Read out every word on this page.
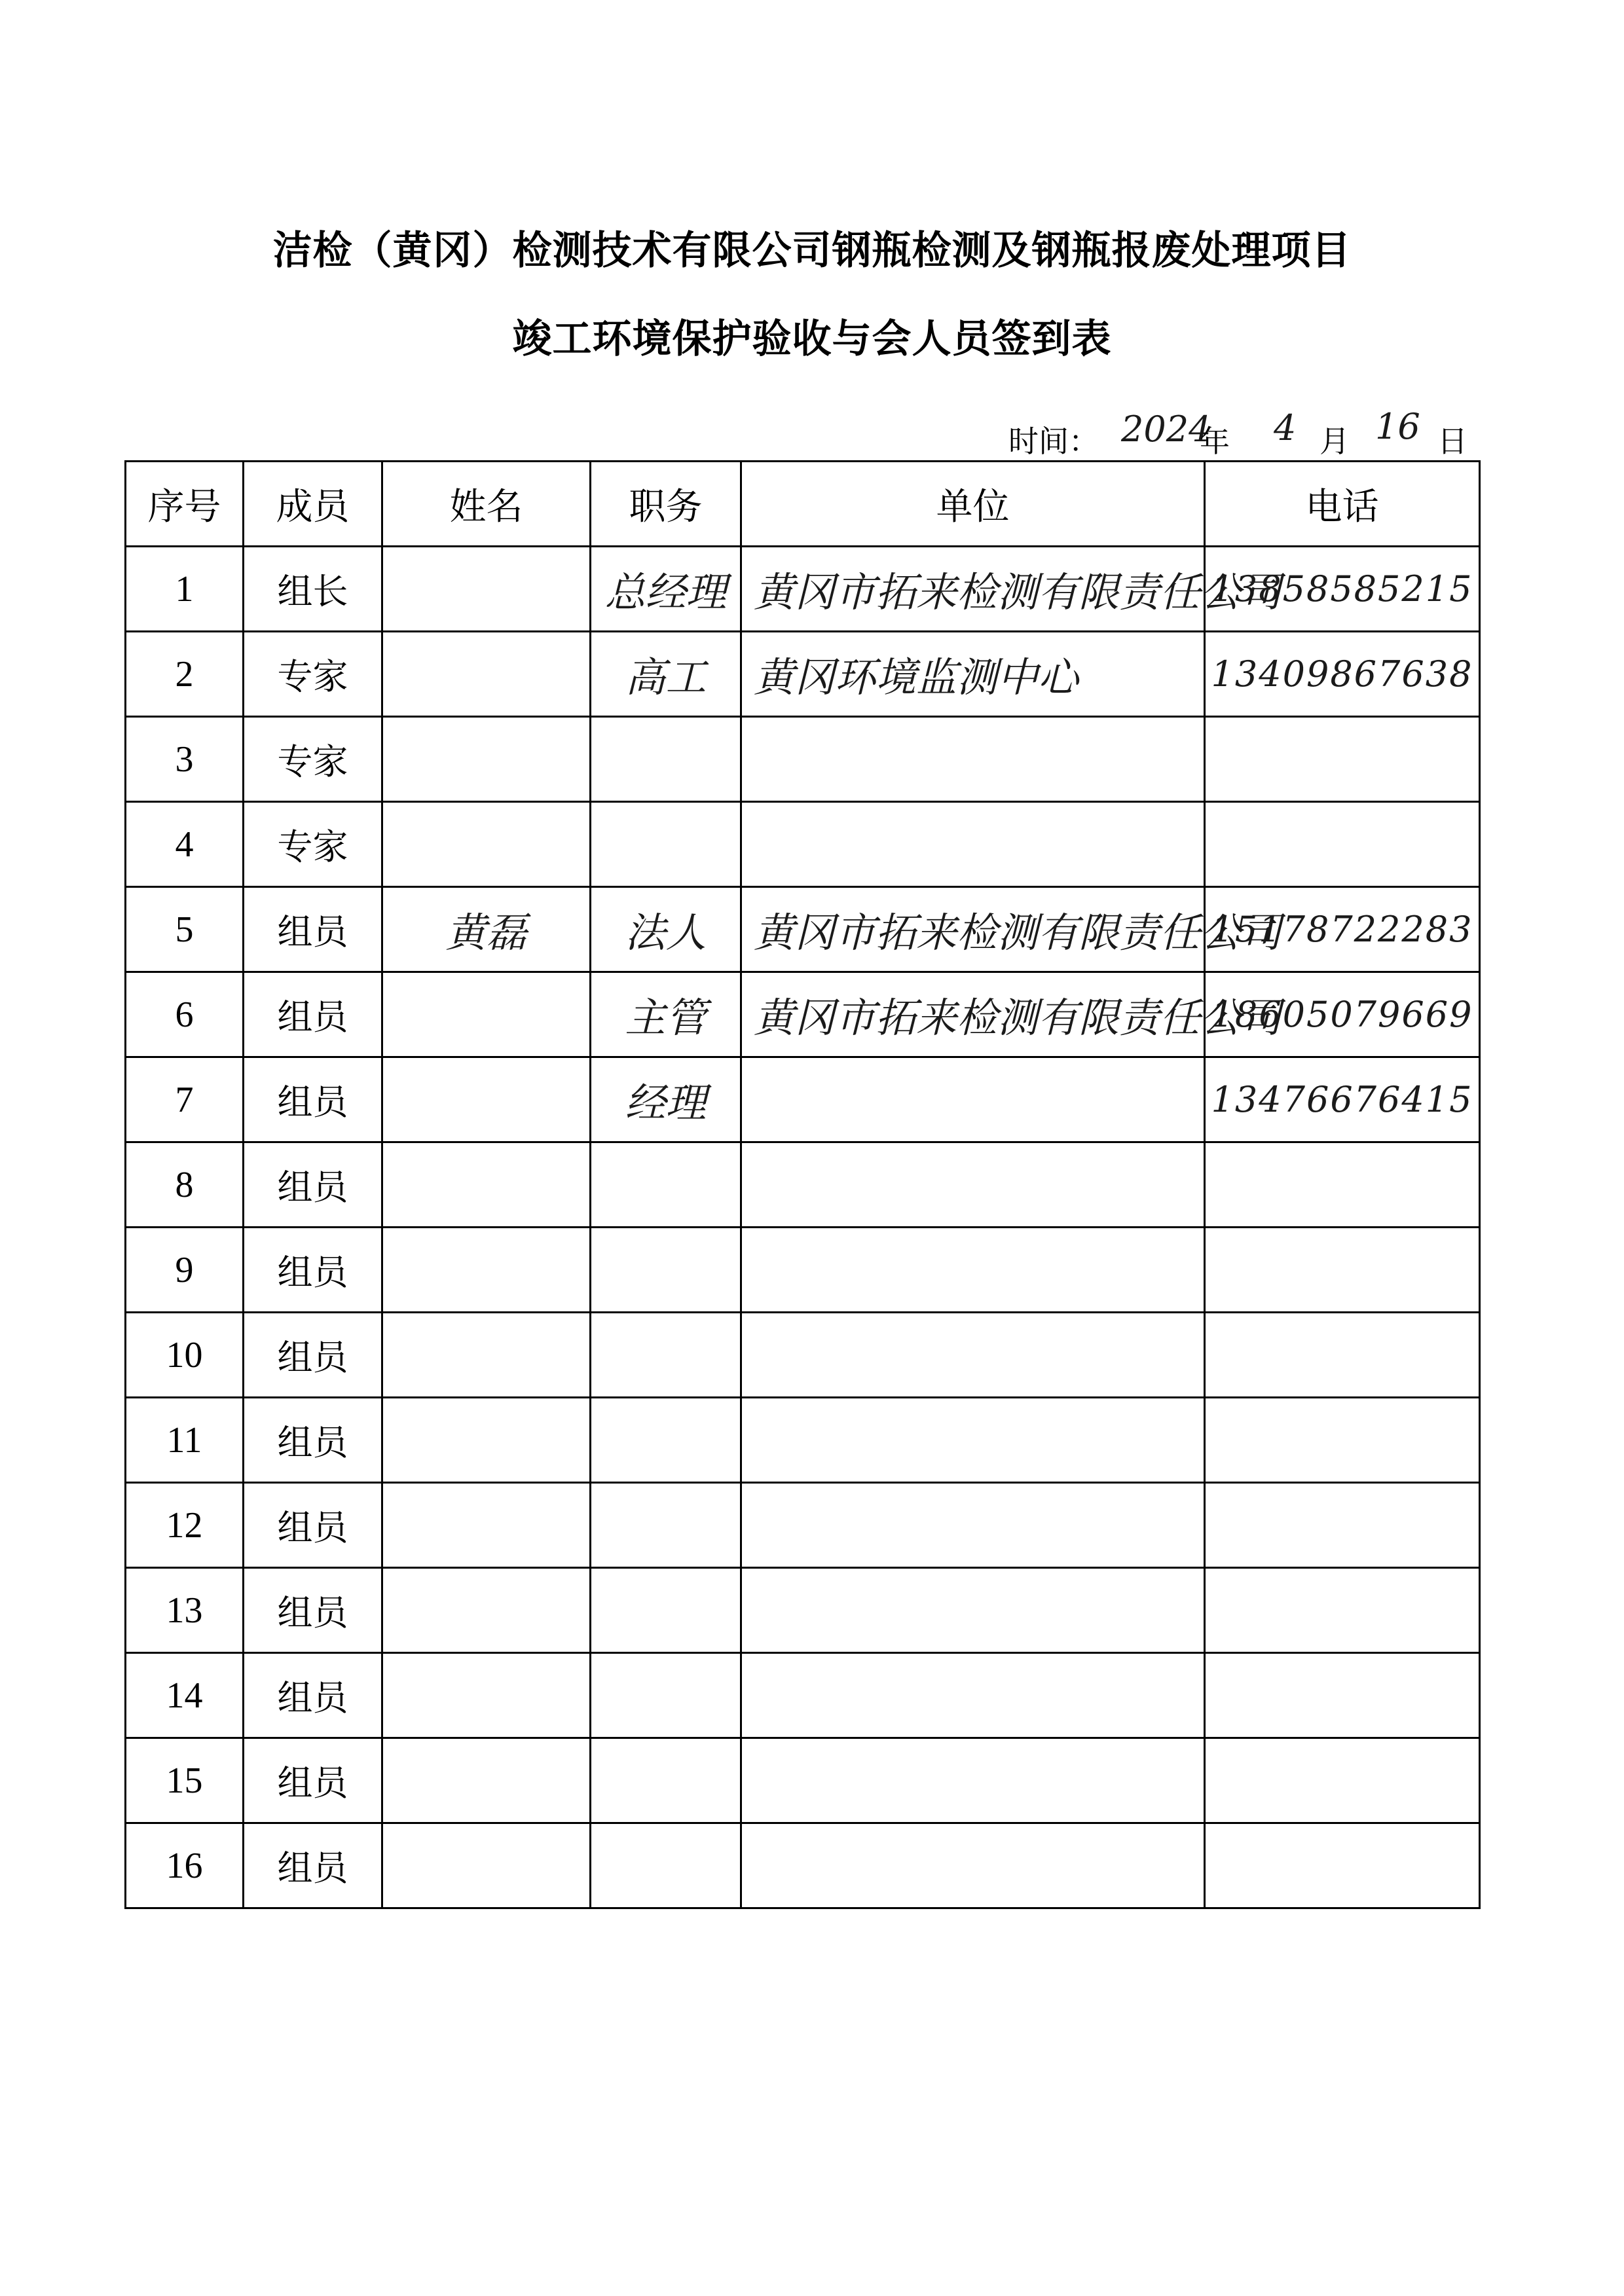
洁检（黄冈）检测技术有限公司钢瓶检测及钢瓶报废处理项目
竣工环境保护验收与会人员签到表
时间： 2024
年 4 月 16 日
序号	成员	姓名	职务	单位	电话
1	组长		总经理	黄冈市拓来检测有限责任公司	13858585215
2	专家		高工	黄冈环境监测中心	13409867638
3	专家				
4	专家				
5	组员	黄磊	法人	黄冈市拓来检测有限责任公司	15178722283
6	组员		主管	黄冈市拓来检测有限责任公司	18605079669
7	组员		经理		13476676415
8	组员				
9	组员				
10	组员				
11	组员				
12	组员				
13	组员				
14	组员				
15	组员				
16	组员				
